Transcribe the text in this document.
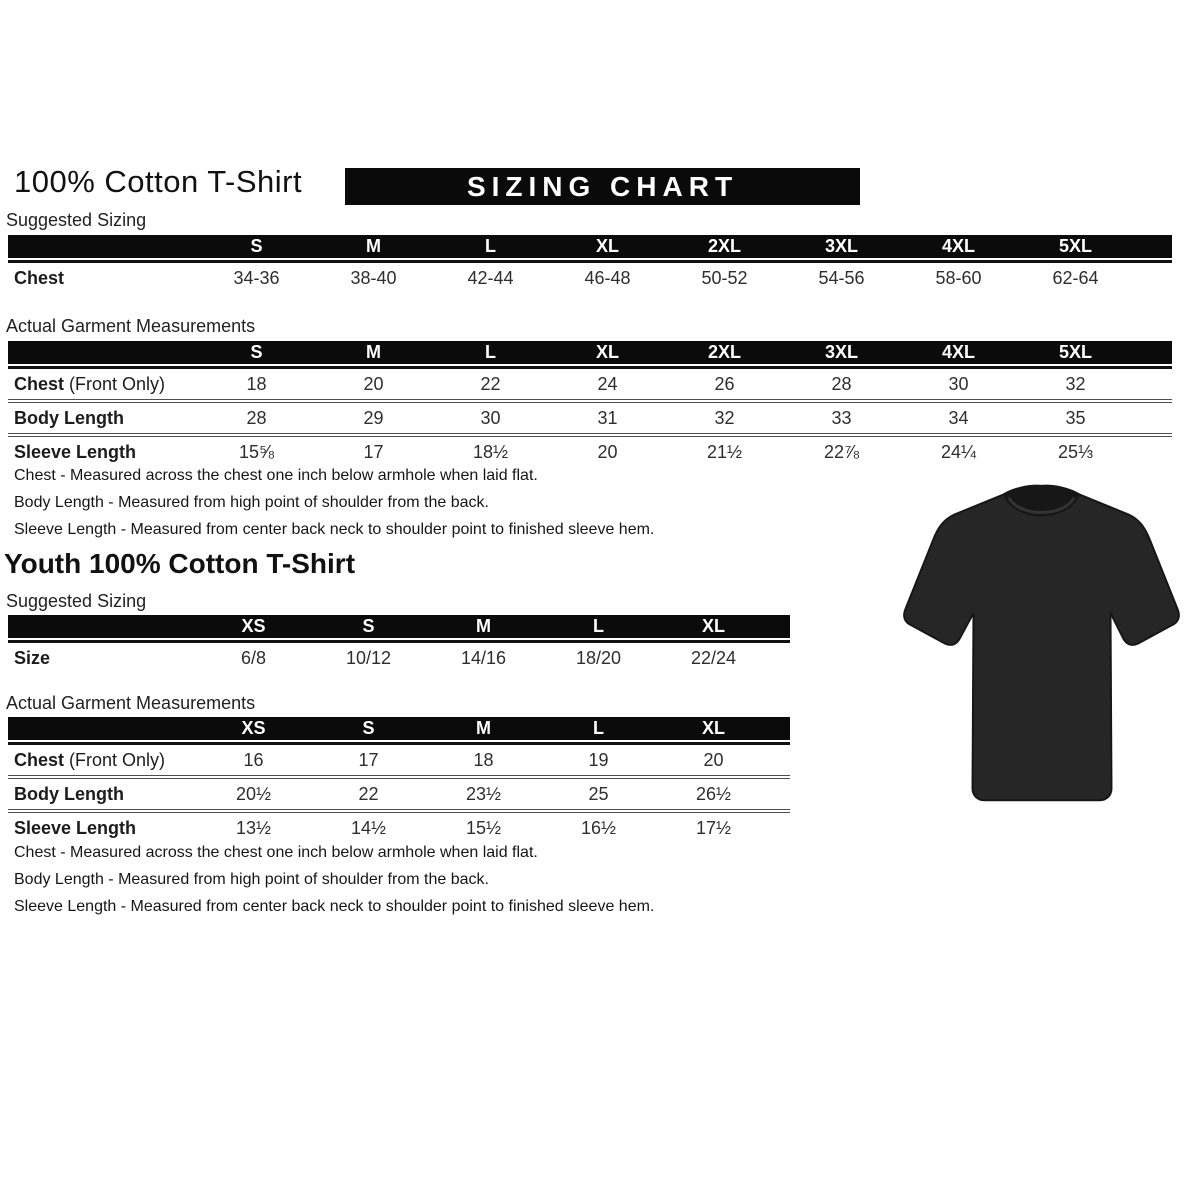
100% Cotton T-Shirt	SIZING CHART
Suggested Sizing
	S	M	L	XL	2XL	3XL	4XL	5XL	

Chest	34-36	38-40	42-44	46-48	50-52	54-56	58-60	62-64	
Actual Garment Measurements
	S	M	L	XL	2XL	3XL	4XL	5XL	

Chest (Front Only)	18	20	22	24	26	28	30	32	
Body Length	28	29	30	31	32	33	34	35	
Sleeve Length	15⅝	17	18½	20	21½	22⅞	24¼	25⅓	
Chest - Measured across the chest one inch below armhole when laid flat.
Body Length - Measured from high point of shoulder from the back.
Sleeve Length - Measured from center back neck to shoulder point to finished sleeve hem.
Youth 100% Cotton T-Shirt
Suggested Sizing
	XS	S	M	L	XL	

Size	6/8	10/12	14/16	18/20	22/24	
Actual Garment Measurements
	XS	S	M	L	XL	

Chest (Front Only)	16	17	18	19	20	
Body Length	20½	22	23½	25	26½	
Sleeve Length	13½	14½	15½	16½	17½	
Chest - Measured across the chest one inch below armhole when laid flat.
Body Length - Measured from high point of shoulder from the back.
Sleeve Length - Measured from center back neck to shoulder point to finished sleeve hem.
